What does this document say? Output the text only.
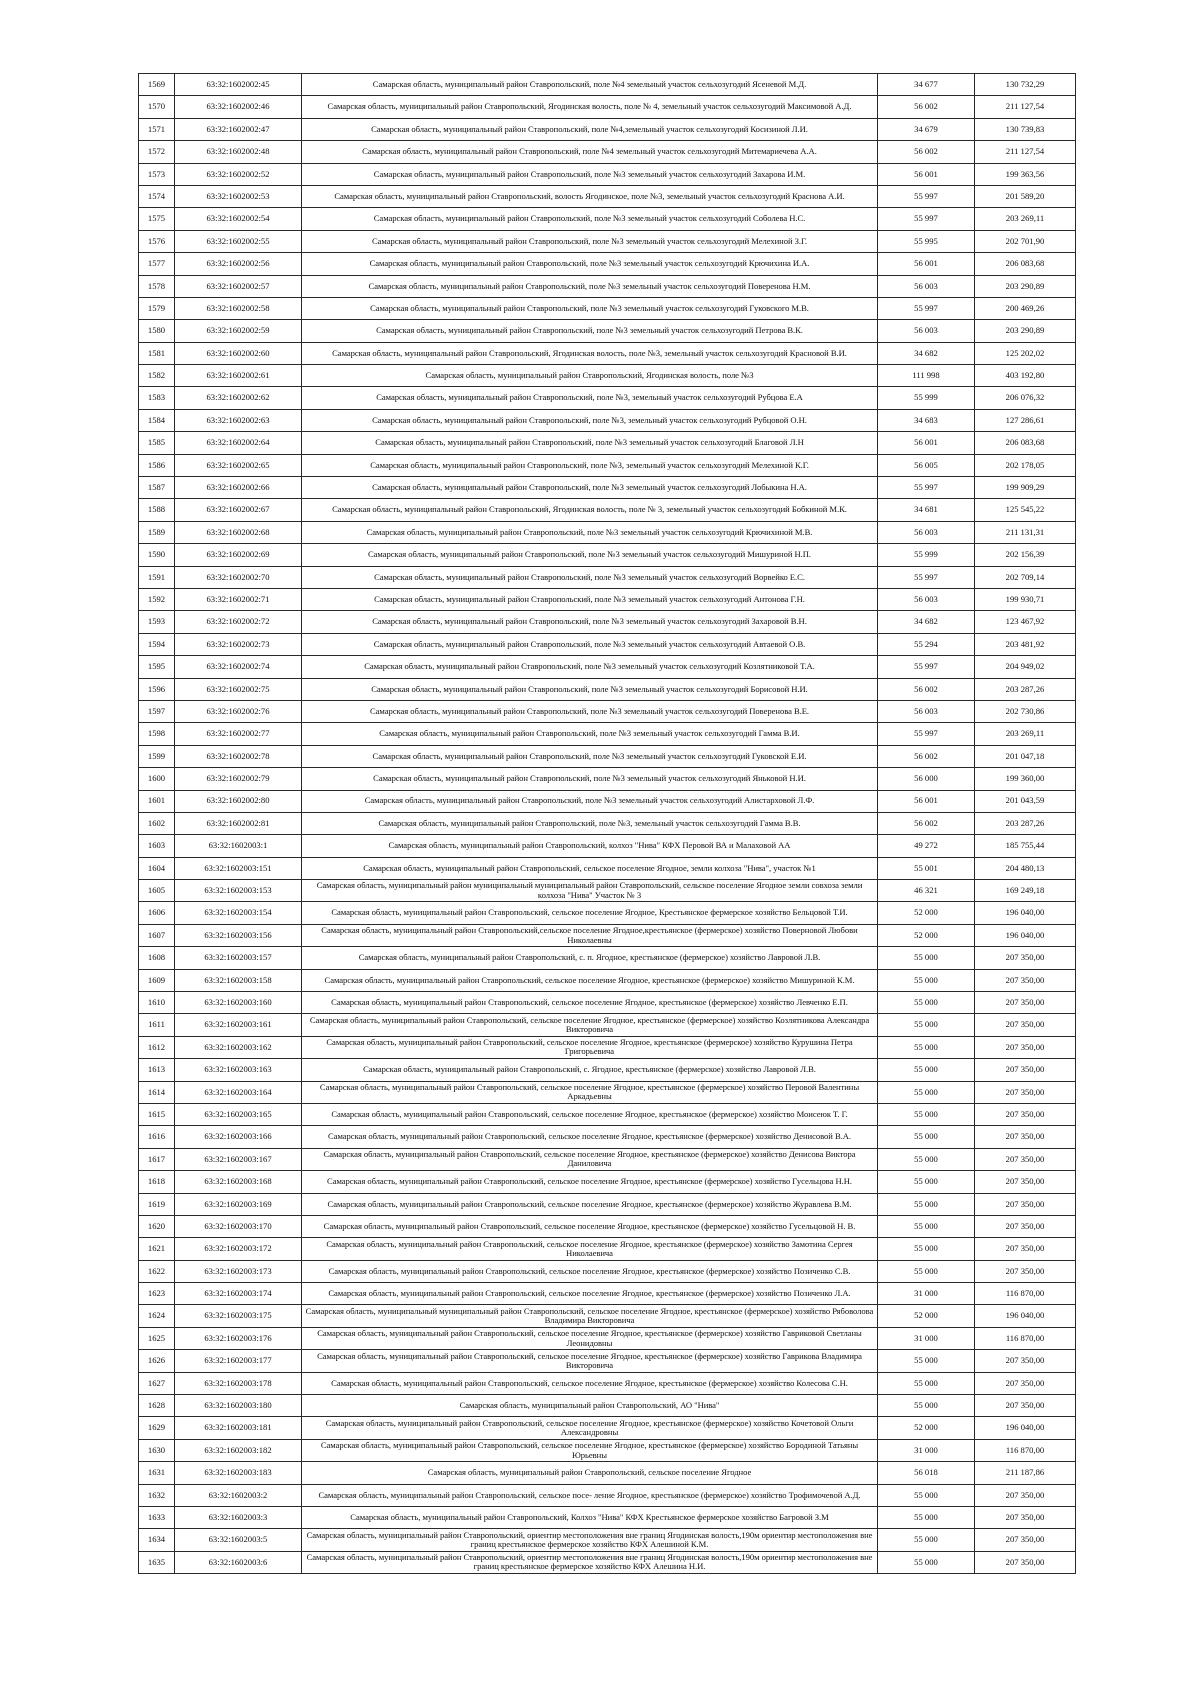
1569	63:32:1602002:45	Самарская область, муниципальный район Ставропольский, поле №4 земельный участок сельхозугодий Ясеневой М.Д.	34 677	130 732,29
1570	63:32:1602002:46	Самарская область, муниципальный район Ставропольский, Ягодинская волость, поле № 4, земельный участок сельхозугодий Максимовой А.Д.	56 002	211 127,54
1571	63:32:1602002:47	Самарская область, муниципальный район Ставропольский, поле №4,земельный участок сельхозугодий Косизиной Л.И.	34 679	130 739,83
1572	63:32:1602002:48	Самарская область, муниципальный район Ставропольский, поле №4 земельный участок сельхозугодий Митемариечева А.А.	56 002	211 127,54
1573	63:32:1602002:52	Самарская область, муниципальный район Ставропольский, поле №3 земельный участок сельхозугодий Захарова И.М.	56 001	199 363,56
1574	63:32:1602002:53	Самарская область, муниципальный район Ставропольский, волость Ягодинское, поле №3, земельный участок сельхозугодий Краснова А.И.	55 997	201 589,20
1575	63:32:1602002:54	Самарская область, муниципальный район Ставропольский, поле №3 земельный участок сельхозугодий Соболева Н.С.	55 997	203 269,11
1576	63:32:1602002:55	Самарская область, муниципальный район Ставропольский, поле №3 земельный участок сельхозугодий Мелехиной З.Г.	55 995	202 701,90
1577	63:32:1602002:56	Самарская область, муниципальный район Ставропольский, поле №3 земельный участок сельхозугодий Крючихина И.А.	56 001	206 083,68
1578	63:32:1602002:57	Самарская область, муниципальный район Ставропольский, поле №3 земельный участок сельхозугодий Поверенова Н.М.	56 003	203 290,89
1579	63:32:1602002:58	Самарская область, муниципальный район Ставропольский, поле №3 земельный участок сельхозугодий Гуковского М.В.	55 997	200 469,26
1580	63:32:1602002:59	Самарская область, муниципальный район Ставропольский, поле №3 земельный участок сельхозугодий Петрова В.К.	56 003	203 290,89
1581	63:32:1602002:60	Самарская область, муниципальный район Ставропольский, Ягодинская волость, поле №3, земельный участок сельхозугодий Красновой В.И.	34 682	125 202,02
1582	63:32:1602002:61	Самарская область, муниципальный район Ставропольский, Ягодинская волость, поле №3	111 998	403 192,80
1583	63:32:1602002:62	Самарская область, муниципальный район Ставропольский, поле №3, земельный участок сельхозугодий Рубцова Е.А	55 999	206 076,32
1584	63:32:1602002:63	Самарская область, муниципальный район Ставропольский, поле №3, земельный участок сельхозугодий Рубцовой О.Н.	34 683	127 286,61
1585	63:32:1602002:64	Самарская область, муниципальный район Ставропольский, поле №3 земельный участок сельхозугодий Благовой Л.Н	56 001	206 083,68
1586	63:32:1602002:65	Самарская область, муниципальный район Ставропольский, поле №3, земельный участок сельхозугодий Мелехиной К.Г.	56 005	202 178,05
1587	63:32:1602002:66	Самарская область, муниципальный район Ставропольский, поле №3 земельный участок сельхозугодий Лобыкина Н.А.	55 997	199 909,29
1588	63:32:1602002:67	Самарская область, муниципальный район Ставропольский, Ягодинская волость, поле № 3, земельный участок сельхозугодий Бобкиной М.К.	34 681	125 545,22
1589	63:32:1602002:68	Самарская область, муниципальный район Ставропольский, поле №3 земельный участок сельхозугодий Крючихиной М.В.	56 003	211 131,31
1590	63:32:1602002:69	Самарская область, муниципальный район Ставропольский, поле №3 земельный участок сельхозугодий Мишуриной Н.П.	55 999	202 156,39
1591	63:32:1602002:70	Самарская область, муниципальный район Ставропольский, поле №3 земельный участок сельхозугодий Ворвейко Е.С.	55 997	202 709,14
1592	63:32:1602002:71	Самарская область, муниципальный район Ставропольский, поле №3 земельный участок сельхозугодий Антонова Г.Н.	56 003	199 930,71
1593	63:32:1602002:72	Самарская область, муниципальный район Ставропольский, поле №3 земельный участок сельхозугодий Захаровой В.Н.	34 682	123 467,92
1594	63:32:1602002:73	Самарская область, муниципальный район Ставропольский, поле №3 земельный участок сельхозугодий Автаевой О.В.	55 294	203 481,92
1595	63:32:1602002:74	Самарская область, муниципальный район Ставропольский, поле №3 земельный участок сельхозугодий Козлятниковой Т.А.	55 997	204 949,02
1596	63:32:1602002:75	Самарская область, муниципальный район Ставропольский, поле №3 земельный участок сельхозугодий Борисовой Н.И.	56 002	203 287,26
1597	63:32:1602002:76	Самарская область, муниципальный район Ставропольский, поле №3 земельный участок сельхозугодий Поверенова В.Е.	56 003	202 730,86
1598	63:32:1602002:77	Самарская область, муниципальный район Ставропольский, поле №3 земельный участок сельхозугодий Гамма В.И.	55 997	203 269,11
1599	63:32:1602002:78	Самарская область, муниципальный район Ставропольский, поле №3 земельный участок сельхозугодий Гуковской Е.И.	56 002	201 047,18
1600	63:32:1602002:79	Самарская область, муниципальный район Ставропольский, поле №3 земельный участок сельхозугодий Яньковой Н.И.	56 000	199 360,00
1601	63:32:1602002:80	Самарская область, муниципальный район Ставропольский, поле №3 земельный участок сельхозугодий Алистарховой Л.Ф.	56 001	201 043,59
1602	63:32:1602002:81	Самарская область, муниципальный район Ставропольский, поле №3, земельный участок сельхозугодий Гамма В.В.	56 002	203 287,26
1603	63:32:1602003:1	Самарская область, муниципальный район Ставропольский, колхоз "Нива" КФХ Перовой ВА и Малаховой АА	49 272	185 755,44
1604	63:32:1602003:151	Самарская область, муниципальный район Ставропольский, сельское поселение Ягодное, земли колхоза "Нива", участок №1	55 001	204 480,13
1605	63:32:1602003:153	Самарская область, муниципальный район муниципальный муниципальный район Ставропольский, сельское поселение Ягодное земли совхоза земли колхоза "Нива" Участок № 3	46 321	169 249,18
1606	63:32:1602003:154	Самарская область, муниципальный район Ставропольский, сельское поселение Ягодное, Крестьянское фермерское хозяйство Бельцовой Т.И.	52 000	196 040,00
1607	63:32:1602003:156	Самарская область, муниципальный район Ставропольский,сельское поселение Ягодное,крестьянское (фермерское) хозяйство Поверновой Любови Николаевны	52 000	196 040,00
1608	63:32:1602003:157	Самарская область, муниципальный район Ставропольский, с. п. Ягодное, крестьянское (фермерское) хозяйство Лавровой Л.В.	55 000	207 350,00
1609	63:32:1602003:158	Самарская область, муниципальный район Ставропольский, сельское поселение Ягодное, крестьянское (фермерское) хозяйство Мишуриной К.М.	55 000	207 350,00
1610	63:32:1602003:160	Самарская область, муниципальный район Ставропольский, сельское поселение Ягодное, крестьянское (фермерское) хозяйство Левченко Е.П.	55 000	207 350,00
1611	63:32:1602003:161	Самарская область, муниципальный район Ставропольский, сельское поселение Ягодное, крестьянское (фермерское) хозяйство Козлятникова Александра Викторовича	55 000	207 350,00
1612	63:32:1602003:162	Самарская область, муниципальный район Ставропольский, сельское поселение Ягодное, крестьянское (фермерское) хозяйство Курушина Петра Григорьевича	55 000	207 350,00
1613	63:32:1602003:163	Самарская область, муниципальный район Ставропольский, с. Ягодное, крестьянское (фермерское) хозяйство Лавровой Л.В.	55 000	207 350,00
1614	63:32:1602003:164	Самарская область, муниципальный район Ставропольский, сельское поселение Ягодное, крестьянское (фермерское) хозяйство Перовой Валентины Аркадьевны	55 000	207 350,00
1615	63:32:1602003:165	Самарская область, муниципальный район Ставропольский, сельское поселение Ягодное, крестьянское (фермерское) хозяйство Моисеюк Т. Г.	55 000	207 350,00
1616	63:32:1602003:166	Самарская область, муниципальный район Ставропольский, сельское поселение Ягодное, крестьянское (фермерское) хозяйство Денисовой В.А.	55 000	207 350,00
1617	63:32:1602003:167	Самарская область, муниципальный район Ставропольский, сельское поселение Ягодное, крестьянское (фермерское) хозяйство Денисова Виктора Даниловича	55 000	207 350,00
1618	63:32:1602003:168	Самарская область, муниципальный район Ставропольский, сельское поселение Ягодное, крестьянское (фермерское) хозяйство Гусельцова Н.Н.	55 000	207 350,00
1619	63:32:1602003:169	Самарская область, муниципальный район Ставропольский, сельское поселение Ягодное, крестьянское (фермерское) хозяйство Журавлева В.М.	55 000	207 350,00
1620	63:32:1602003:170	Самарская область, муниципальный район Ставропольский, сельское поселение Ягодное, крестьянское (фермерское) хозяйство Гусельцовой Н. В.	55 000	207 350,00
1621	63:32:1602003:172	Самарская область, муниципальный район Ставропольский, сельское поселение Ягодное, крестьянское (фермерское) хозяйство Замотина Сергея Николаевича	55 000	207 350,00
1622	63:32:1602003:173	Самарская область, муниципальный район Ставропольский, сельское поселение Ягодное, крестьянское (фермерское) хозяйство Позиченко С.В.	55 000	207 350,00
1623	63:32:1602003:174	Самарская область, муниципальный район Ставропольский, сельское поселение Ягодное, крестьянское (фермерское) хозяйство Позиченко Л.А.	31 000	116 870,00
1624	63:32:1602003:175	Самарская область, муниципальный муниципальный район Ставропольский, сельское поселение Ягодное, крестьянское (фермерское) хозяйство Рябоволова Владимира Викторовича	52 000	196 040,00
1625	63:32:1602003:176	Самарская область, муниципальный район Ставропольский, сельское поселение Ягодное, крестьянское (фермерское) хозяйство Гавриковой Светланы Леонидовны	31 000	116 870,00
1626	63:32:1602003:177	Самарская область, муниципальный район Ставропольский, сельское поселение Ягодное, крестьянское (фермерское) хозяйство Гаврикова Владимира Викторовича	55 000	207 350,00
1627	63:32:1602003:178	Самарская область, муниципальный район Ставропольский, сельское поселение Ягодное, крестьянское (фермерское) хозяйство Колесова С.Н.	55 000	207 350,00
1628	63:32:1602003:180	Самарская область, муниципальный район Ставропольский, АО "Нива"	55 000	207 350,00
1629	63:32:1602003:181	Самарская область, муниципальный район Ставропольский, сельское поселение Ягодное, крестьянское (фермерское) хозяйство Кочетовой Ольги Александровны	52 000	196 040,00
1630	63:32:1602003:182	Самарская область, муниципальный район Ставропольский, сельское поселение Ягодное, крестьянское (фермерское) хозяйство Бородиной Татьяны Юрьевны	31 000	116 870,00
1631	63:32:1602003:183	Самарская область, муниципальный район Ставропольский, сельское поселение Ягодное	56 018	211 187,86
1632	63:32:1602003:2	Самарская область, муниципальный район Ставропольский, сельское посе- ление Ягодное, крестьянское (фермерское) хозяйство Трофимочевой А.Д.	55 000	207 350,00
1633	63:32:1602003:3	Самарская область, муниципальный район Ставропольский, Колхоз "Нива" КФХ Крестьянское фермерское хозяйство Багровой З.М	55 000	207 350,00
1634	63:32:1602003:5	Самарская область, муниципальный район Ставропольский, ориентир местоположения вне границ Ягодинская волость,190м ориентир местоположения вне границ крестьянское фермерское хозяйство КФХ Алешиной К.М.	55 000	207 350,00
1635	63:32:1602003:6	Самарская область, муниципальный район Ставропольский, ориентир местоположения вне границ Ягодинская волость,190м ориентир местоположения вне границ крестьянское фермерское хозяйство КФХ Алешина Н.И.	55 000	207 350,00
